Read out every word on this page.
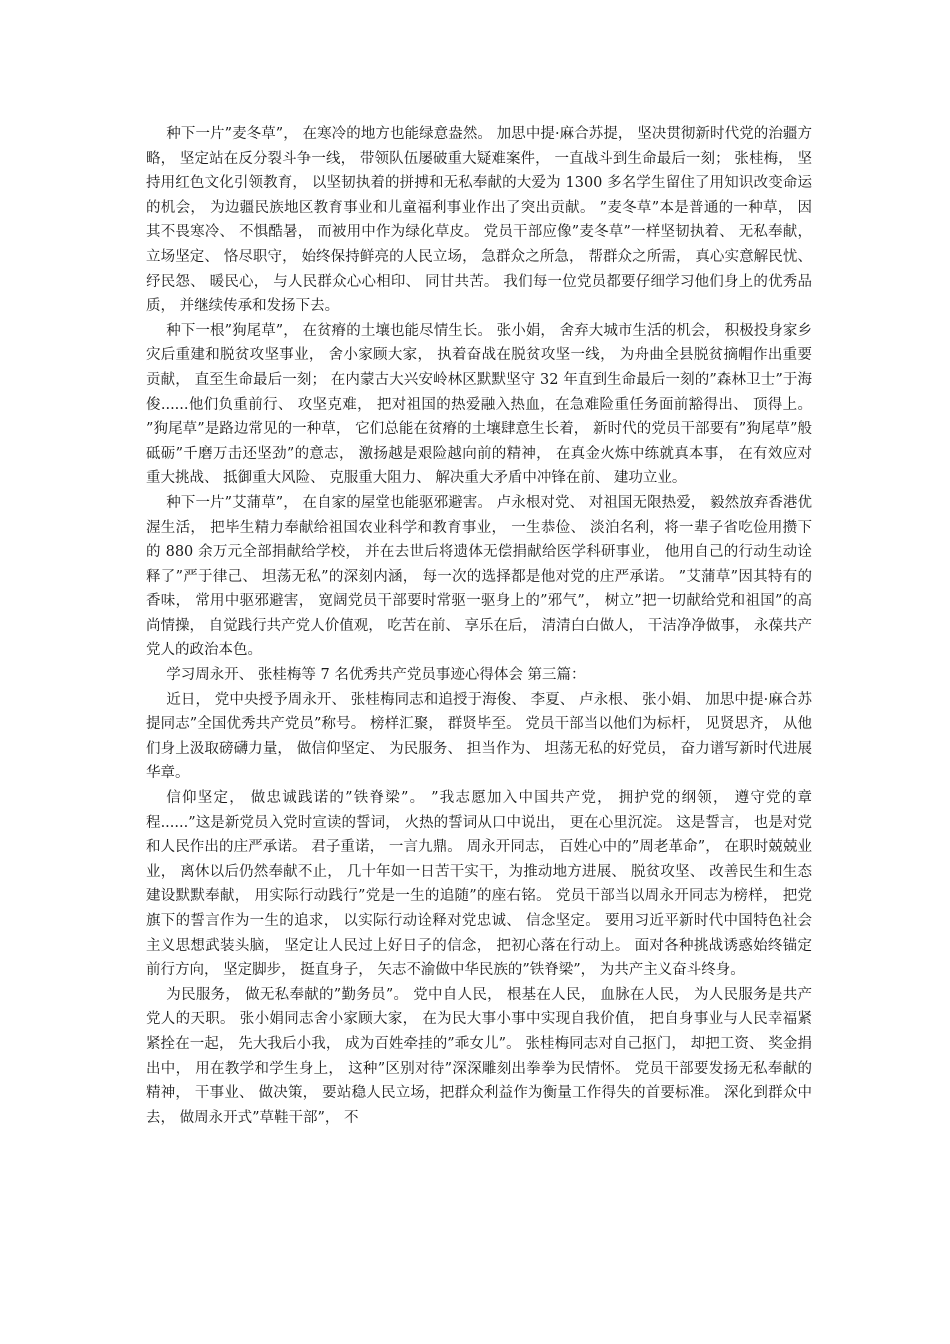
种下一片”麦冬草”， 在寒冷的地方也能绿意盎然。 加思中提·麻合苏提， 坚决贯彻新时代党的治疆方略， 坚定站在反分裂斗争一线， 带领队伍屡破重大疑难案件， 一直战斗到生命最后一刻； 张桂梅， 坚持用红色文化引领教育， 以坚韧执着的拼搏和无私奉献的大爱为 1300 多名学生留住了用知识改变命运的机会， 为边疆民族地区教育事业和儿童福利事业作出了突出贡献。 ”麦冬草”本是普通的一种草， 因其不畏寒冷、 不惧酷暑， 而被用中作为绿化草皮。 党员干部应像”麦冬草”一样坚韧执着、 无私奉献， 立场坚定、 恪尽职守， 始终保持鲜亮的人民立场， 急群众之所急， 帮群众之所需， 真心实意解民忧、 纾民怨、 暖民心， 与人民群众心心相印、 同甘共苦。 我们每一位党员都要仔细学习他们身上的优秀品质， 并继续传承和发扬下去。

种下一根”狗尾草”， 在贫瘠的土壤也能尽情生长。 张小娟， 舍弃大城市生活的机会， 积极投身家乡灾后重建和脱贫攻坚事业， 舍小家顾大家， 执着奋战在脱贫攻坚一线， 为舟曲全县脱贫摘帽作出重要贡献， 直至生命最后一刻； 在内蒙古大兴安岭林区默默坚守 32 年直到生命最后一刻的”森林卫士”于海俊......他们负重前行、 攻坚克难， 把对祖国的热爱融入热血，在急难险重任务面前豁得出、 顶得上。 ”狗尾草”是路边常见的一种草， 它们总能在贫瘠的土壤肆意生长着， 新时代的党员干部要有”狗尾草”般砥砺”千磨万击还坚劲”的意志， 激扬越是艰险越向前的精神， 在真金火炼中练就真本事， 在有效应对重大挑战、 抵御重大风险、 克服重大阻力、 解决重大矛盾中冲锋在前、 建功立业。

种下一片”艾蒲草”， 在自家的屋堂也能驱邪避害。 卢永根对党、 对祖国无限热爱， 毅然放弃香港优渥生活， 把毕生精力奉献给祖国农业科学和教育事业， 一生恭俭、 淡泊名利，将一辈子省吃俭用攒下的 880 余万元全部捐献给学校， 并在去世后将遗体无偿捐献给医学科研事业， 他用自己的行动生动诠释了”严于律己、 坦荡无私”的深刻内涵， 每一次的选择都是他对党的庄严承诺。 ”艾蒲草”因其特有的香味， 常用中驱邪避害， 宽阔党员干部要时常驱一驱身上的”邪气”， 树立”把一切献给党和祖国”的高尚情操， 自觉践行共产党人价值观， 吃苦在前、 享乐在后， 清清白白做人， 干洁净净做事， 永葆共产党人的政治本色。

学习周永开、 张桂梅等 7 名优秀共产党员事迹心得体会 第三篇：

近日， 党中央授予周永开、 张桂梅同志和追授于海俊、 李夏、 卢永根、 张小娟、 加思中提·麻合苏提同志”全国优秀共产党员”称号。 榜样汇聚， 群贤毕至。 党员干部当以他们为标杆， 见贤思齐， 从他们身上汲取磅礴力量， 做信仰坚定、 为民服务、 担当作为、 坦荡无私的好党员， 奋力谱写新时代进展华章。

信仰坚定， 做忠诚践诺的”铁脊梁”。 ”我志愿加入中国共产党， 拥护党的纲领， 遵守党的章程......”这是新党员入党时宣读的誓词， 火热的誓词从口中说出， 更在心里沉淀。 这是誓言， 也是对党和人民作出的庄严承诺。 君子重诺， 一言九鼎。 周永开同志， 百姓心中的”周老革命”， 在职时兢兢业业， 离休以后仍然奉献不止， 几十年如一日苦干实干，为推动地方进展、 脱贫攻坚、 改善民生和生态建设默默奉献， 用实际行动践行”党是一生的追随”的座右铭。 党员干部当以周永开同志为榜样， 把党旗下的誓言作为一生的追求， 以实际行动诠释对党忠诚、 信念坚定。 要用习近平新时代中国特色社会主义思想武装头脑， 坚定让人民过上好日子的信念， 把初心落在行动上。 面对各种挑战诱惑始终锚定前行方向， 坚定脚步， 挺直身子， 矢志不渝做中华民族的”铁脊梁”， 为共产主义奋斗终身。

为民服务， 做无私奉献的”勤务员”。 党中自人民， 根基在人民， 血脉在人民， 为人民服务是共产党人的天职。 张小娟同志舍小家顾大家， 在为民大事小事中实现自我价值， 把自身事业与人民幸福紧紧拴在一起， 先大我后小我， 成为百姓牵挂的”乖女儿”。 张桂梅同志对自己抠门， 却把工资、 奖金捐出中， 用在教学和学生身上， 这种”区别对待”深深雕刻出拳拳为民情怀。 党员干部要发扬无私奉献的精神， 干事业、 做决策， 要站稳人民立场，把群众利益作为衡量工作得失的首要标准。 深化到群众中去， 做周永开式”草鞋干部”， 不
